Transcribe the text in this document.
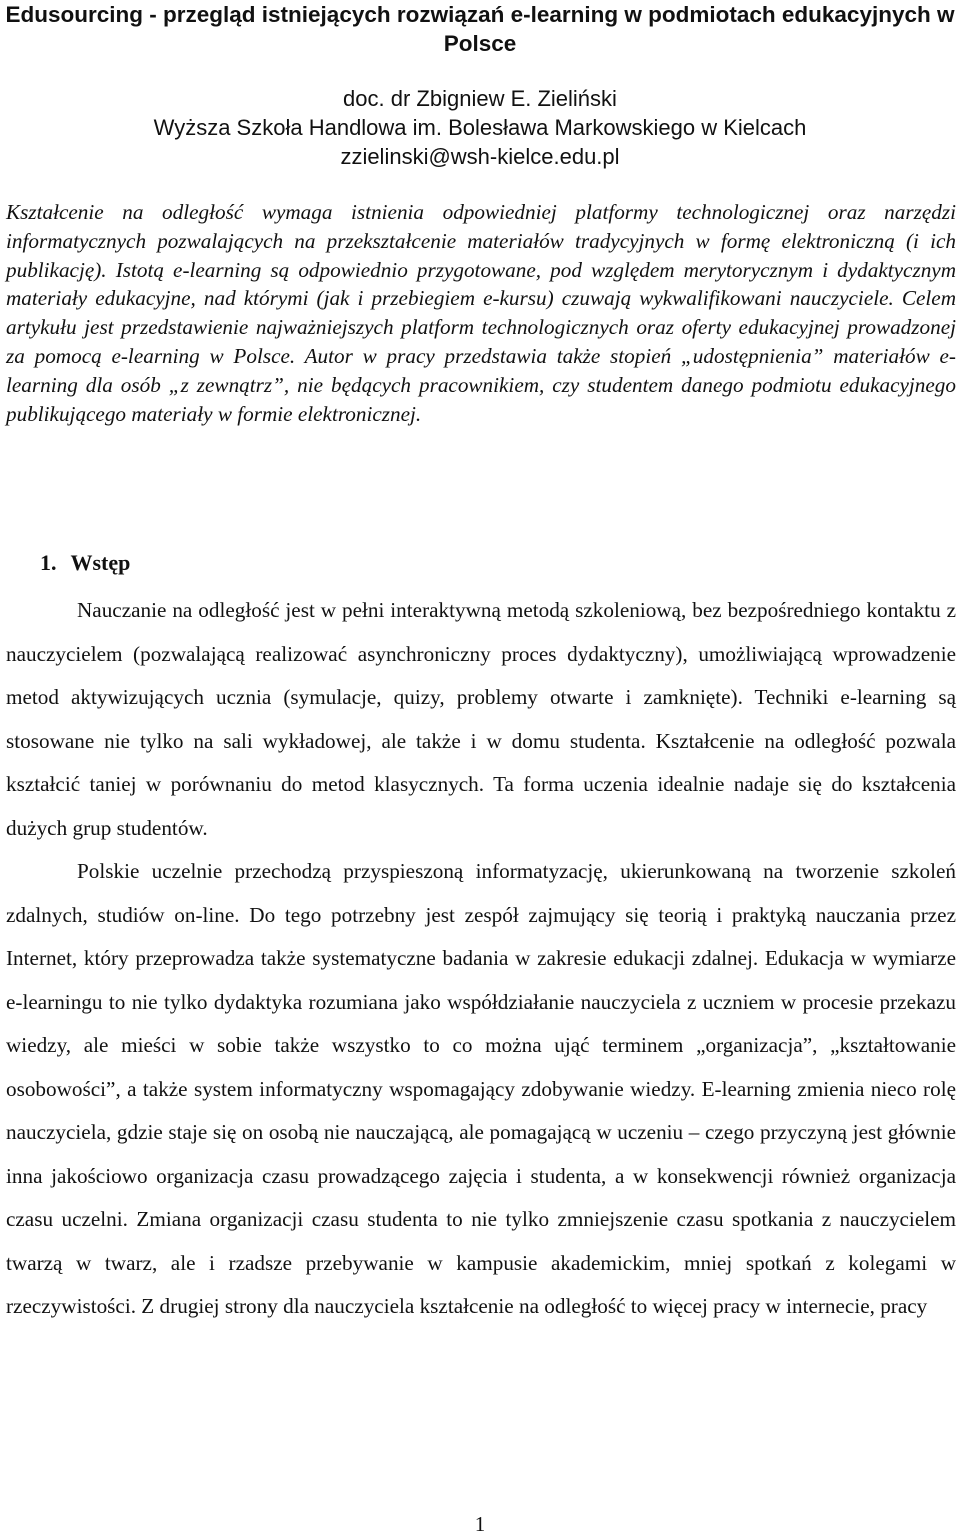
Edusourcing - przegląd istniejących rozwiązań e-learning w podmiotach edukacyjnych w Polsce
doc. dr Zbigniew E. Zieliński
Wyższa Szkoła Handlowa im. Bolesława Markowskiego w Kielcach
zzielinski@wsh-kielce.edu.pl

Kształcenie na odległość wymaga istnienia odpowiedniej platformy technologicznej oraz narzędzi informatycznych pozwalających na przekształcenie materiałów tradycyjnych w formę elektroniczną (i ich publikację). Istotą e-learning są odpowiednio przygotowane, pod względem merytorycznym i dydaktycznym materiały edukacyjne, nad którymi (jak i przebiegiem e-kursu) czuwają wykwalifikowani nauczyciele. Celem artykułu jest przedstawienie najważniejszych platform technologicznych oraz oferty edukacyjnej prowadzonej za pomocą e-learning w Polsce. Autor w pracy przedstawia także stopień „udostępnienia” materiałów e-learning dla osób „z zewnątrz”, nie będących pracownikiem, czy studentem danego podmiotu edukacyjnego publikującego materiały w formie elektronicznej.

1. Wstęp

Nauczanie na odległość jest w pełni interaktywną metodą szkoleniową, bez bezpośredniego kontaktu z nauczycielem (pozwalającą realizować asynchroniczny proces dydaktyczny), umożliwiającą wprowadzenie metod aktywizujących ucznia (symulacje, quizy, problemy otwarte i zamknięte). Techniki e-learning są stosowane nie tylko na sali wykładowej, ale także i w domu studenta. Kształcenie na odległość pozwala kształcić taniej w porównaniu do metod klasycznych. Ta forma uczenia idealnie nadaje się do kształcenia dużych grup studentów.

Polskie uczelnie przechodzą przyspieszoną informatyzację, ukierunkowaną na tworzenie szkoleń zdalnych, studiów on-line. Do tego potrzebny jest zespół zajmujący się teorią i praktyką nauczania przez Internet, który przeprowadza także systematyczne badania w zakresie edukacji zdalnej. Edukacja w wymiarze e-learningu to nie tylko dydaktyka rozumiana jako współdziałanie nauczyciela z uczniem w procesie przekazu wiedzy, ale mieści w sobie także wszystko to co można ująć terminem „organizacja”, „kształtowanie osobowości”, a także system informatyczny wspomagający zdobywanie wiedzy. E-learning zmienia nieco rolę nauczyciela, gdzie staje się on osobą nie nauczającą, ale pomagającą w uczeniu – czego przyczyną jest głównie inna jakościowo organizacja czasu prowadzącego zajęcia i studenta, a w konsekwencji również organizacja czasu uczelni. Zmiana organizacji czasu studenta to nie tylko zmniejszenie czasu spotkania z nauczycielem twarzą w twarz, ale i rzadsze przebywanie w kampusie akademickim, mniej spotkań z kolegami w rzeczywistości. Z drugiej strony dla nauczyciela kształcenie na odległość to więcej pracy w internecie, pracy

1
